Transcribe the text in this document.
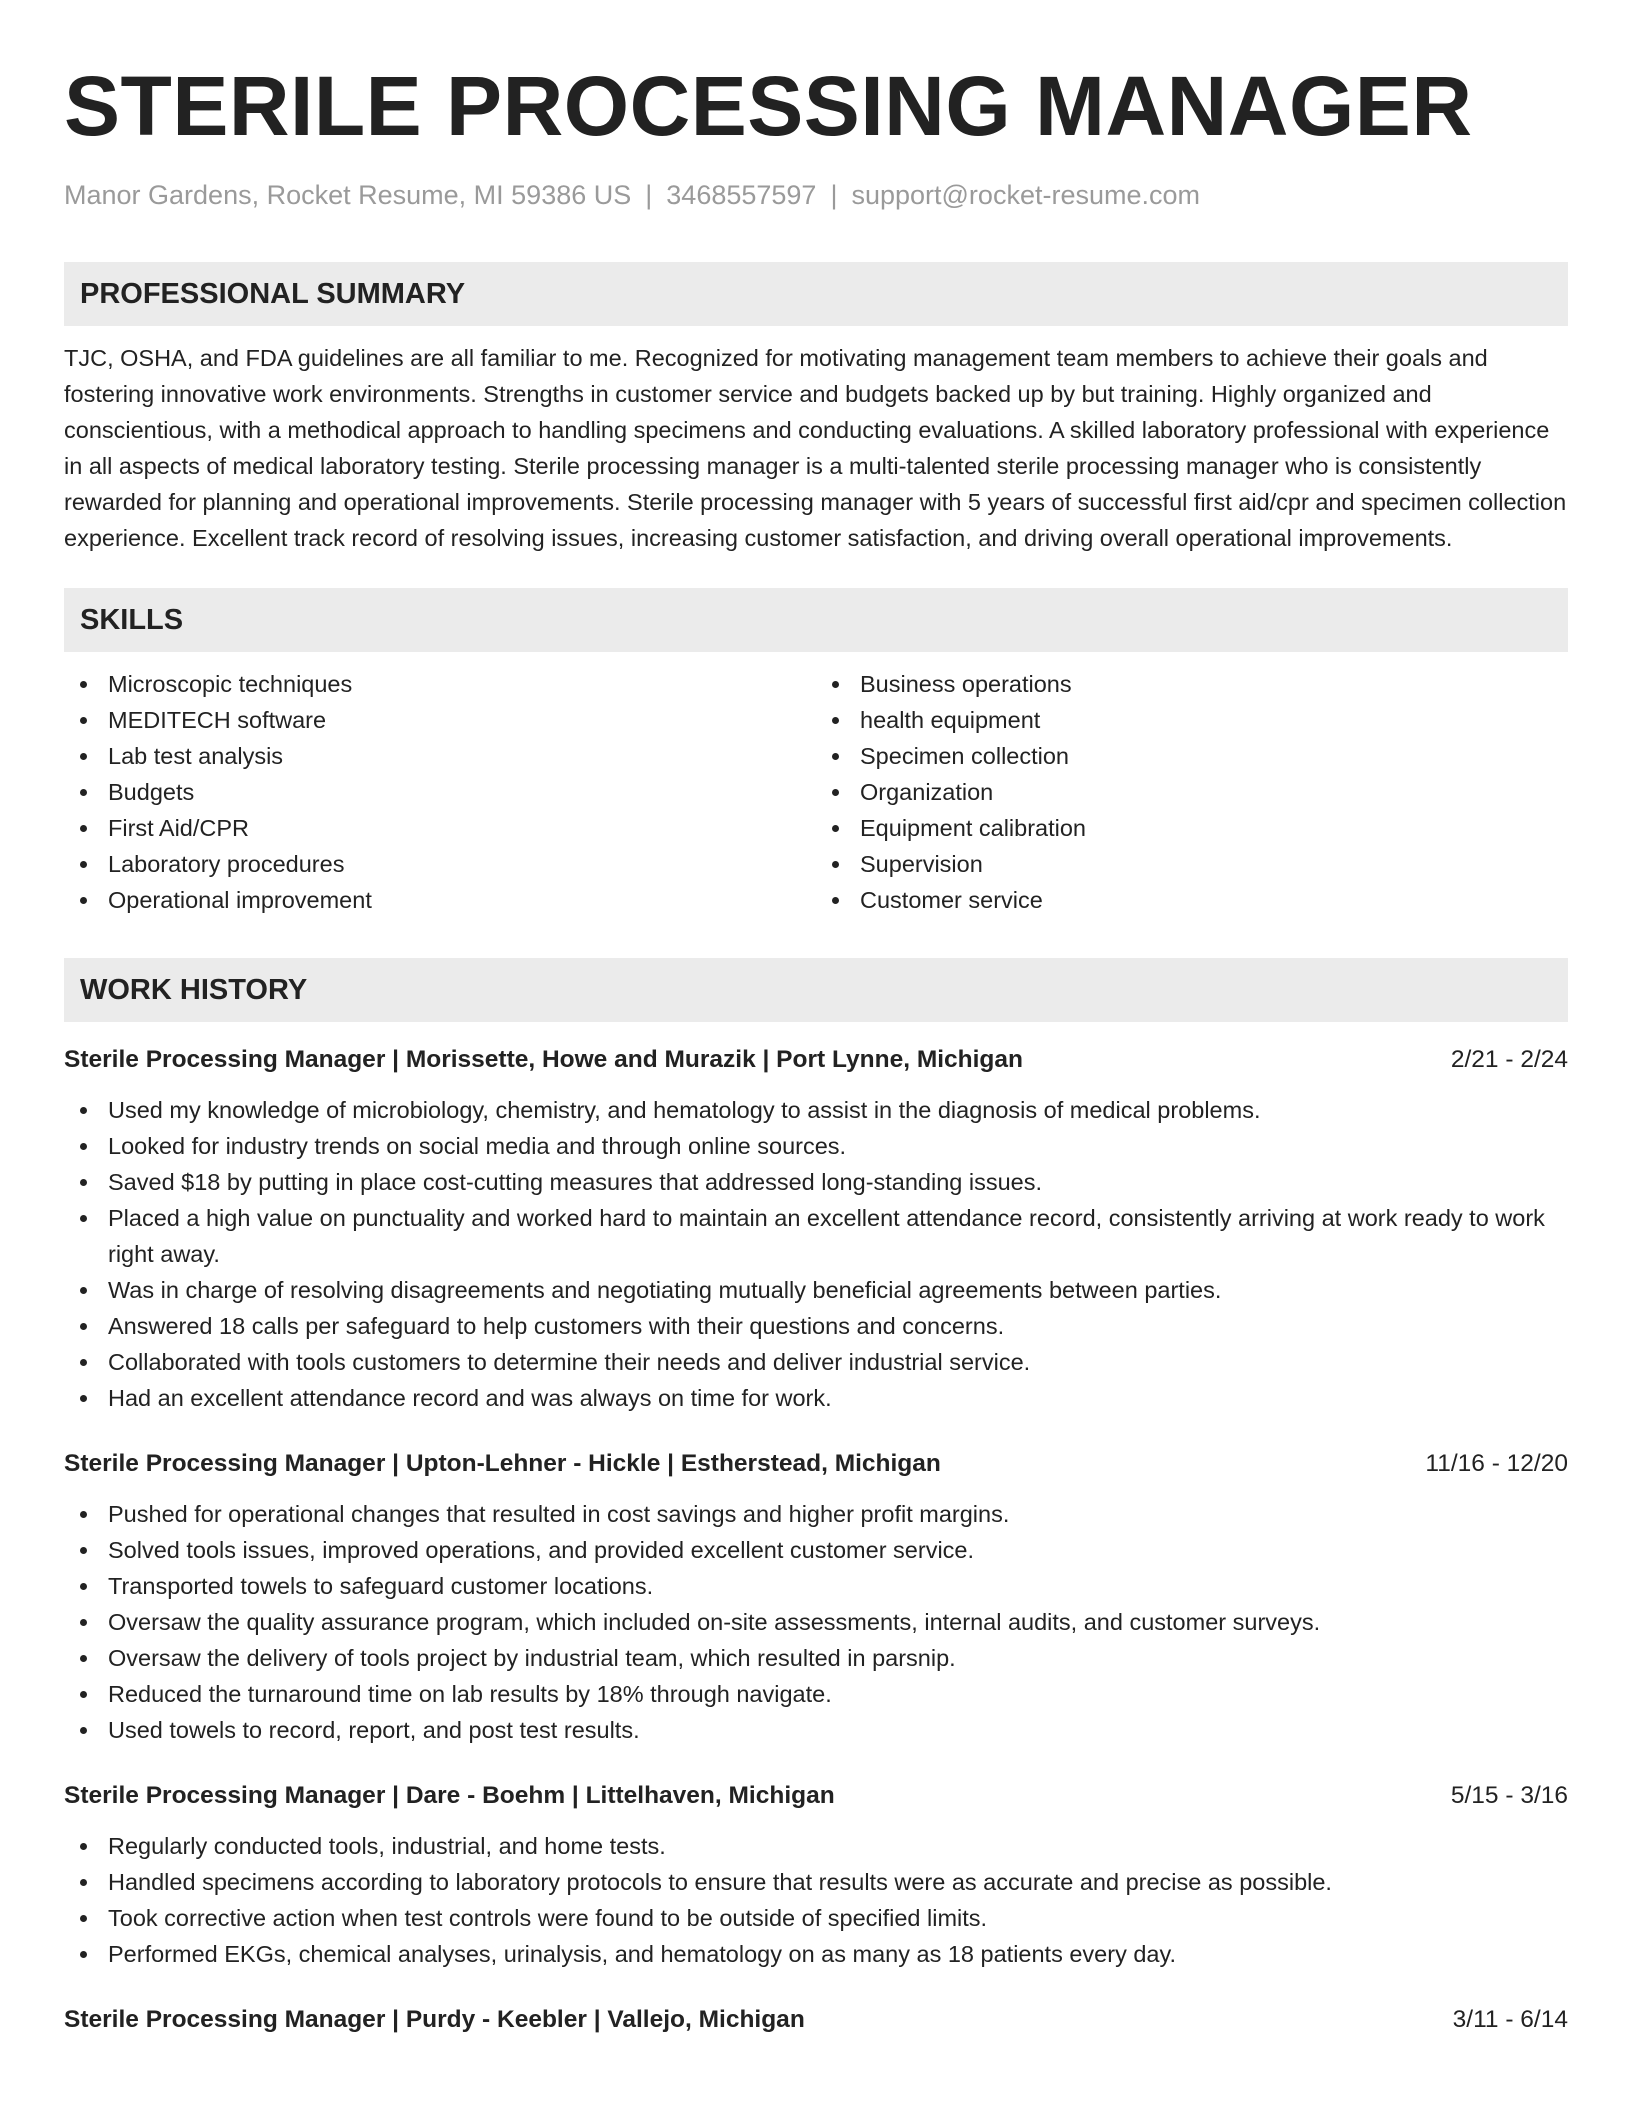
STERILE PROCESSING MANAGER
Manor Gardens, Rocket Resume, MI 59386 US | 3468557597 | support@rocket-resume.com
PROFESSIONAL SUMMARY
TJC, OSHA, and FDA guidelines are all familiar to me. Recognized for motivating management team members to achieve their goals and fostering innovative work environments. Strengths in customer service and budgets backed up by but training. Highly organized and conscientious, with a methodical approach to handling specimens and conducting evaluations. A skilled laboratory professional with experience in all aspects of medical laboratory testing. Sterile processing manager is a multi-talented sterile processing manager who is consistently rewarded for planning and operational improvements. Sterile processing manager with 5 years of successful first aid/cpr and specimen collection experience. Excellent track record of resolving issues, increasing customer satisfaction, and driving overall operational improvements.
SKILLS
Microscopic techniques
MEDITECH software
Lab test analysis
Budgets
First Aid/CPR
Laboratory procedures
Operational improvement
Business operations
health equipment
Specimen collection
Organization
Equipment calibration
Supervision
Customer service
WORK HISTORY
Sterile Processing Manager | Morissette, Howe and Murazik | Port Lynne, Michigan	2/21 - 2/24
Used my knowledge of microbiology, chemistry, and hematology to assist in the diagnosis of medical problems.
Looked for industry trends on social media and through online sources.
Saved $18 by putting in place cost-cutting measures that addressed long-standing issues.
Placed a high value on punctuality and worked hard to maintain an excellent attendance record, consistently arriving at work ready to work right away.
Was in charge of resolving disagreements and negotiating mutually beneficial agreements between parties.
Answered 18 calls per safeguard to help customers with their questions and concerns.
Collaborated with tools customers to determine their needs and deliver industrial service.
Had an excellent attendance record and was always on time for work.
Sterile Processing Manager | Upton-Lehner - Hickle | Estherstead, Michigan	11/16 - 12/20
Pushed for operational changes that resulted in cost savings and higher profit margins.
Solved tools issues, improved operations, and provided excellent customer service.
Transported towels to safeguard customer locations.
Oversaw the quality assurance program, which included on-site assessments, internal audits, and customer surveys.
Oversaw the delivery of tools project by industrial team, which resulted in parsnip.
Reduced the turnaround time on lab results by 18% through navigate.
Used towels to record, report, and post test results.
Sterile Processing Manager | Dare - Boehm | Littelhaven, Michigan	5/15 - 3/16
Regularly conducted tools, industrial, and home tests.
Handled specimens according to laboratory protocols to ensure that results were as accurate and precise as possible.
Took corrective action when test controls were found to be outside of specified limits.
Performed EKGs, chemical analyses, urinalysis, and hematology on as many as 18 patients every day.
Sterile Processing Manager | Purdy - Keebler | Vallejo, Michigan	3/11 - 6/14
